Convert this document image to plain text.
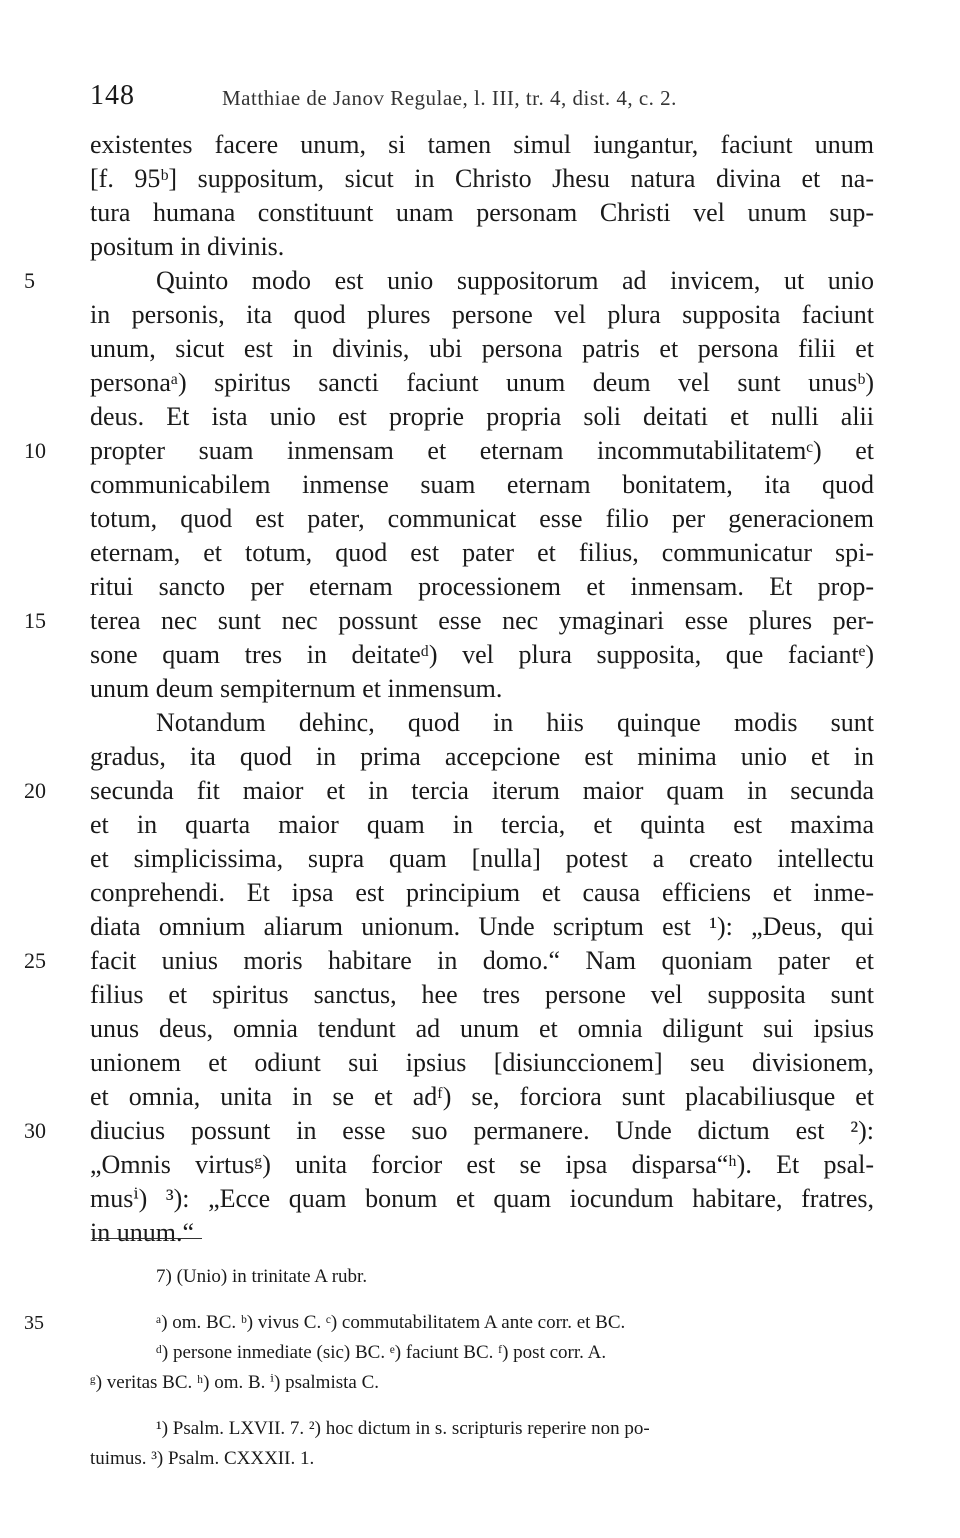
148	Matthiae de Janov Regulae, l. III, tr. 4, dist. 4, c. 2.
existentes facere unum, si tamen simul iungantur, faciunt unum
[f. 95ᵇ] suppositum, sicut in Christo Jhesu natura divina et na-
tura humana constituunt unam personam Christi vel unum sup-
positum in divinis.
5	Quinto modo est unio suppositorum ad invicem, ut unio
in personis, ita quod plures persone vel plura supposita faciunt
unum, sicut est in divinis, ubi persona patris et persona filii et
personaᵃ) spiritus sancti faciunt unum deum vel sunt unusᵇ)
deus. Et ista unio est proprie propria soli deitati et nulli alii
10 propter suam inmensam et eternam incommutabilitatemᶜ) et
communicabilem inmense suam eternam bonitatem, ita quod
totum, quod est pater, communicat esse filio per generacionem
eternam, et totum, quod est pater et filius, communicatur spi-
ritui sancto per eternam processionem et inmensam. Et prop-
15 terea nec sunt nec possunt esse nec ymaginari esse plures per-
sone quam tres in deitateᵈ) vel plura supposita, que faciantᵉ)
unum deum sempiternum et inmensum.
Notandum dehinc, quod in hiis quinque modis sunt
gradus, ita quod in prima accepcione est minima unio et in
20 secunda fit maior et in tercia iterum maior quam in secunda
et in quarta maior quam in tercia, et quinta est maxima
et simplicissima, supra quam [nulla] potest a creato intellectu
conprehendi. Et ipsa est principium et causa efficiens et inme-
diata omnium aliarum unionum. Unde scriptum est ¹): „Deus, qui
25 facit unius moris habitare in domo.“ Nam quoniam pater et
filius et spiritus sanctus, hee tres persone vel supposita sunt
unus deus, omnia tendunt ad unum et omnia diligunt sui ipsius
unionem et odiunt sui ipsius [disiunccionem] seu divisionem,
et omnia, unita in se et adᶠ) se, forciora sunt placabiliusque et
30 diucius possunt in esse suo permanere. Unde dictum est ²):
„Omnis virtusᵍ) unita forcior est se ipsa disparsa“ʰ). Et psal-
musⁱ) ³): „Ecce quam bonum et quam iocundum habitare, fratres,
in unum.“
7) (Unio) in trinitate A rubr.
35	ᵃ) om. BC. ᵇ) vivus C. ᶜ) commutabilitatem A ante corr. et BC.
ᵈ) persone inmediate (sic) BC. ᵉ) faciunt BC. ᶠ) post corr. A.
ᵍ) veritas BC. ʰ) om. B. ⁱ) psalmista C.
¹) Psalm. LXVII. 7. ²) hoc dictum in s. scripturis reperire non po-
tuimus. ³) Psalm. CXXXII. 1.
